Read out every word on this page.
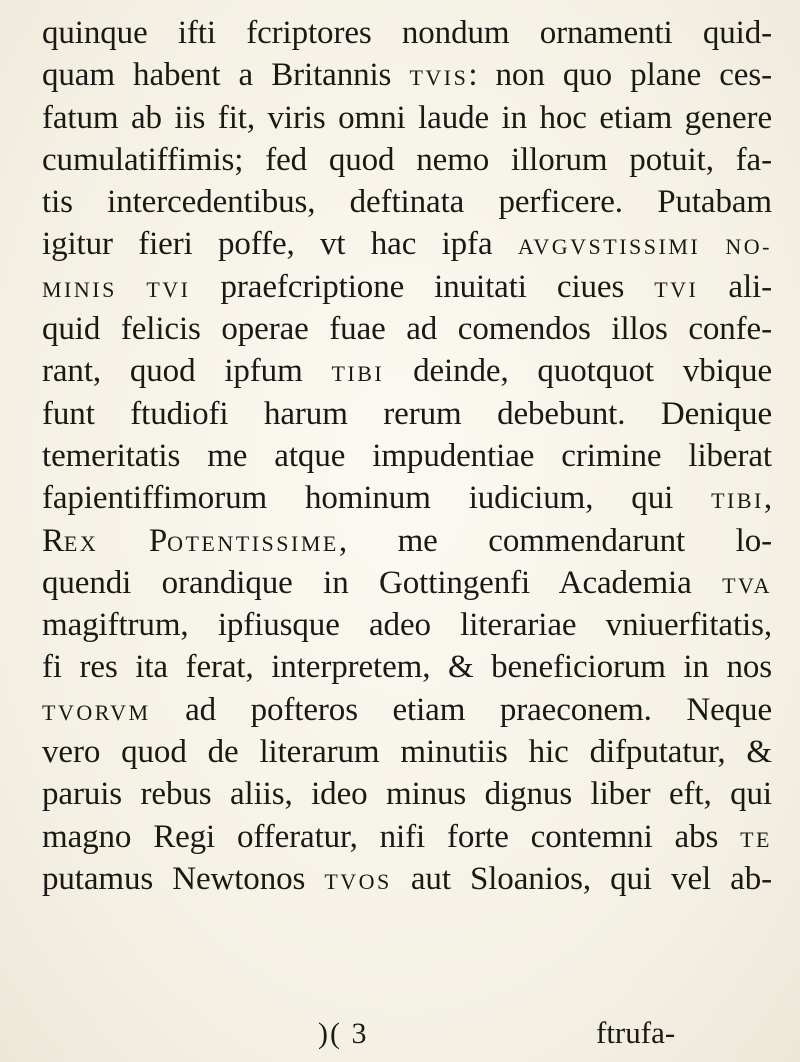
quinque ifti fcriptores nondum ornamenti quid-
quam habent a Britannis TVIS: non quo plane ces-
fatum ab iis fit, viris omni laude in hoc etiam genere
cumulatiffimis; fed quod nemo illorum potuit, fa-
tis intercedentibus, deftinata perficere. Putabam
igitur fieri poffe, vt hac ipfa AVGVSTISSIMI NO-
MINIS TVI praefcriptione inuitati ciues TVI ali-
quid felicis operae fuae ad comendos illos confe-
rant, quod ipfum TIBI deinde, quotquot vbique
funt ftudiofi harum rerum debebunt. Denique
temeritatis me atque impudentiae crimine liberat
fapientiffimorum hominum iudicium, qui TIBI,
REX POTENTISSIME, me commendarunt lo-
quendi orandique in Gottingenfi Academia TVA
magiftrum, ipfiusque adeo literariae vniuerfitatis,
fi res ita ferat, interpretem, & beneficiorum in nos
TVORVM ad pofteros etiam praeconem. Neque
vero quod de literarum minutiis hic difputatur, &
paruis rebus aliis, ideo minus dignus liber eft, qui
magno Regi offeratur, nifi forte contemni abs TE
putamus Newtonos TVOS aut Sloanios, qui vel ab-
)( 3	ftrufa-
